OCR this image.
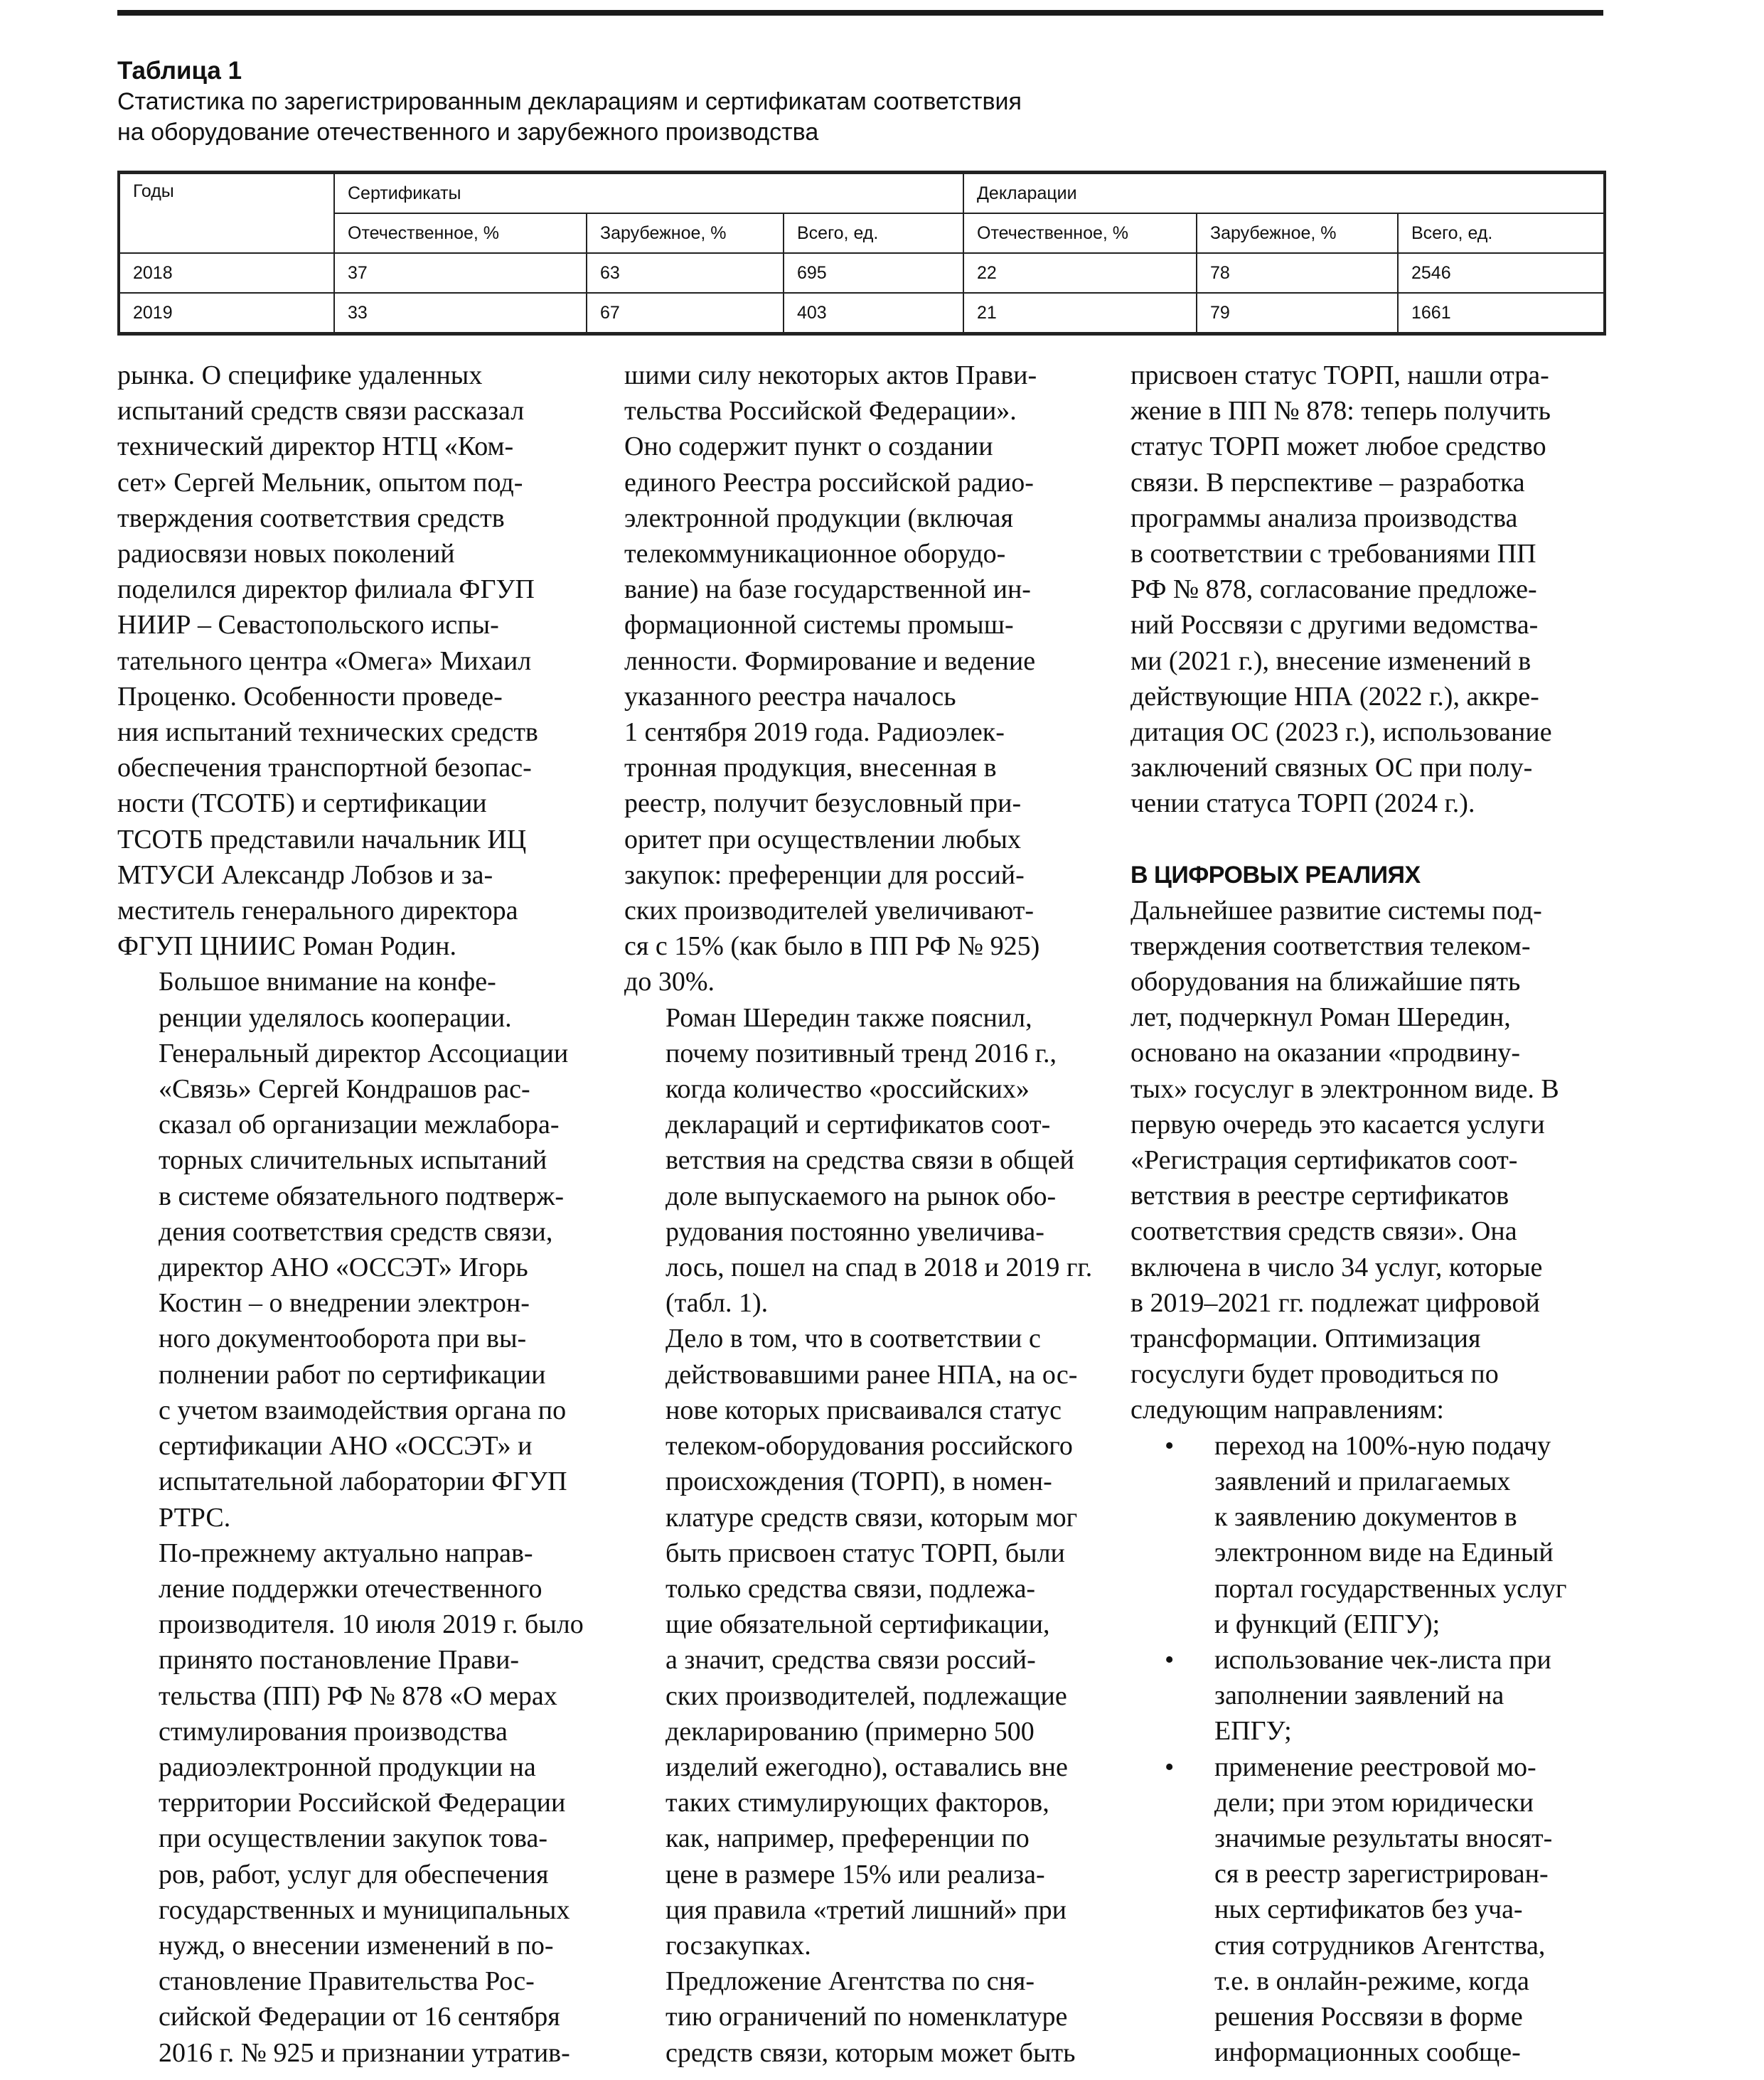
Таблица 1
Статистика по зарегистрированным декларациям и сертификатам соответствия
на оборудование отечественного и зарубежного производства
Годы	Сертификаты			Декларации		
	Отечественное, %	Зарубежное, %	Всего, ед.	Отечественное, %	Зарубежное, %	Всего, ед.
2018	37	63	695	22	78	2546
2019	33	67	403	21	79	1661

рынка. О специфике удаленных
испытаний средств связи рассказал
технический директор НТЦ «Ком-
сет» Сергей Мельник, опытом под-
тверждения соответствия средств
радиосвязи новых поколений
поделился директор филиала ФГУП
НИИР – Севастопольского испы-
тательного центра «Омега» Михаил
Проценко. Особенности проведе-
ния испытаний технических средств
обеспечения транспортной безопас-
ности (ТСОТБ) и сертификации
ТСОТБ представили начальник ИЦ
МТУСИ Александр Лобзов и за-
меститель генерального директора
ФГУП ЦНИИС Роман Родин.

Большое внимание на конфе-
ренции уделялось кооперации.
Генеральный директор Ассоциации
«Связь» Сергей Кондрашов рас-
сказал об организации межлабора-
торных сличительных испытаний
в системе обязательного подтверж-
дения соответствия средств связи,
директор АНО «ОССЭТ» Игорь
Костин – о внедрении электрон-
ного документооборота при вы-
полнении работ по сертификации
с учетом взаимодействия органа по
сертификации АНО «ОССЭТ» и
испытательной лаборатории ФГУП
РТРС.

По-прежнему актуально направ-
ление поддержки отечественного
производителя. 10 июля 2019 г. было
принято постановление Прави-
тельства (ПП) РФ № 878 «О мерах
стимулирования производства
радиоэлектронной продукции на
территории Российской Федерации
при осуществлении закупок това-
ров, работ, услуг для обеспечения
государственных и муниципальных
нужд, о внесении изменений в по-
становление Правительства Рос-
сийской Федерации от 16 сентября
2016 г. № 925 и признании утратив-

шими силу некоторых актов Прави-
тельства Российской Федерации».
Оно содержит пункт о создании
единого Реестра российской радио-
электронной продукции (включая
телекоммуникационное оборудо-
вание) на базе государственной ин-
формационной системы промыш-
ленности. Формирование и ведение
указанного реестра началось
1 сентября 2019 года. Радиоэлек-
тронная продукция, внесенная в
реестр, получит безусловный при-
оритет при осуществлении любых
закупок: преференции для россий-
ских производителей увеличивают-
ся с 15% (как было в ПП РФ № 925)
до 30%.

Роман Шередин также пояснил,
почему позитивный тренд 2016 г.,
когда количество «российских»
деклараций и сертификатов соот-
ветствия на средства связи в общей
доле выпускаемого на рынок обо-
рудования постоянно увеличива-
лось, пошел на спад в 2018 и 2019 гг.
(табл. 1).

Дело в том, что в соответствии с
действовавшими ранее НПА, на ос-
нове которых присваивался статус
телеком-оборудования российского
происхождения (ТОРП), в номен-
клатуре средств связи, которым мог
быть присвоен статус ТОРП, были
только средства связи, подлежа-
щие обязательной сертификации,
а значит, средства связи россий-
ских производителей, подлежащие
декларированию (примерно 500
изделий ежегодно), оставались вне
таких стимулирующих факторов,
как, например, преференции по
цене в размере 15% или реализа-
ция правила «третий лишний» при
госзакупках.

Предложение Агентства по сня-
тию ограничений по номенклатуре
средств связи, которым может быть

присвоен статус ТОРП, нашли отра-
жение в ПП № 878: теперь получить
статус ТОРП может любое средство
связи. В перспективе – разработка
программы анализа производства
в соответствии с требованиями ПП
РФ № 878, согласование предложе-
ний Россвязи с другими ведомства-
ми (2021 г.), внесение изменений в
действующие НПА (2022 г.), аккре-
дитация ОС (2023 г.), использование
заключений связных ОС при полу-
чении статуса ТОРП (2024 г.).
В ЦИФРОВЫХ РЕАЛИЯХ
Дальнейшее развитие системы под-
тверждения соответствия телеком-
оборудования на ближайшие пять
лет, подчеркнул Роман Шередин,
основано на оказании «продвину-
тых» госуслуг в электронном виде. В
первую очередь это касается услуги
«Регистрация сертификатов соот-
ветствия в реестре сертификатов
соответствия средств связи». Она
включена в число 34 услуг, которые
в 2019–2021 гг. подлежат цифровой
трансформации. Оптимизация
госуслуги будет проводиться по
следующим направлениям:
• переход на 100%-ную подачу
заявлений и прилагаемых
к заявлению документов в
электронном виде на Единый
портал государственных услуг
и функций (ЕПГУ);
• использование чек-листа при
заполнении заявлений на
ЕПГУ;
• применение реестровой мо-
дели; при этом юридически
значимые результаты вносят-
ся в реестр зарегистрирован-
ных сертификатов без уча-
стия сотрудников Агентства,
т.е. в онлайн-режиме, когда
решения Россвязи в форме
информационных сообще-
